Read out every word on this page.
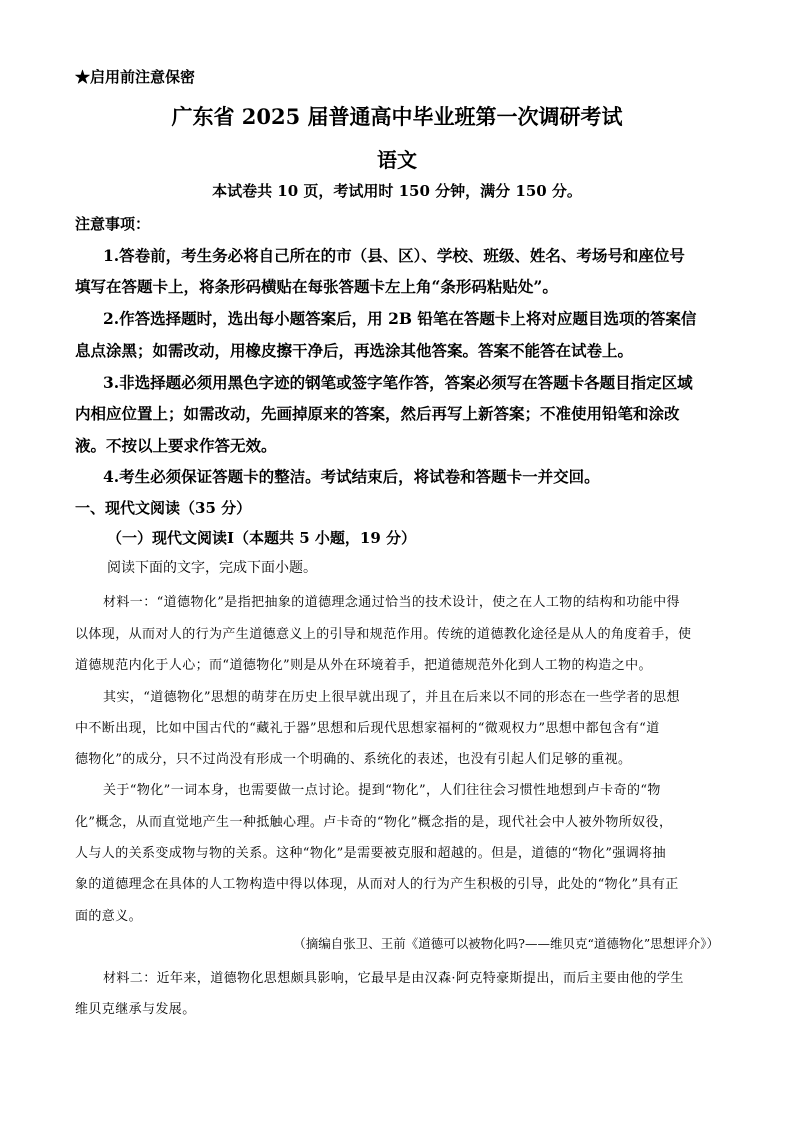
★启用前注意保密
广东省 2025 届普通高中毕业班第一次调研考试
语文
本试卷共 10 页，考试用时 150 分钟，满分 150 分。
注意事项：
1.答卷前，考生务必将自己所在的市（县、区）、学校、班级、姓名、考场号和座位号
填写在答题卡上，将条形码横贴在每张答题卡左上角“条形码粘贴处”。
2.作答选择题时，选出每小题答案后，用 2B 铅笔在答题卡上将对应题目选项的答案信
息点涂黑；如需改动，用橡皮擦干净后，再选涂其他答案。答案不能答在试卷上。
3.非选择题必须用黑色字迹的钢笔或签字笔作答，答案必须写在答题卡各题目指定区域
内相应位置上；如需改动，先画掉原来的答案，然后再写上新答案；不准使用铅笔和涂改
液。不按以上要求作答无效。
4.考生必须保证答题卡的整洁。考试结束后，将试卷和答题卡一并交回。
一、现代文阅读（35 分）
（一）现代文阅读Ⅰ（本题共 5 小题，19 分）
阅读下面的文字，完成下面小题。
材料一：“道德物化”是指把抽象的道德理念通过恰当的技术设计，使之在人工物的结构和功能中得
以体现，从而对人的行为产生道德意义上的引导和规范作用。传统的道德教化途径是从人的角度着手，使
道德规范内化于人心；而“道德物化”则是从外在环境着手，把道德规范外化到人工物的构造之中。
其实，“道德物化”思想的萌芽在历史上很早就出现了，并且在后来以不同的形态在一些学者的思想
中不断出现，比如中国古代的“藏礼于器”思想和后现代思想家福柯的“微观权力”思想中都包含有“道
德物化”的成分，只不过尚没有形成一个明确的、系统化的表述，也没有引起人们足够的重视。
关于“物化”一词本身，也需要做一点讨论。提到“物化”，人们往往会习惯性地想到卢卡奇的“物
化”概念，从而直觉地产生一种抵触心理。卢卡奇的“物化”概念指的是，现代社会中人被外物所奴役，
人与人的关系变成物与物的关系。这种“物化”是需要被克服和超越的。但是，道德的“物化”强调将抽
象的道德理念在具体的人工物构造中得以体现，从而对人的行为产生积极的引导，此处的“物化”具有正
面的意义。
（摘编自张卫、王前《道德可以被物化吗?——维贝克“道德物化”思想评介》）
材料二：近年来，道德物化思想颇具影响，它最早是由汉森·阿克特豪斯提出，而后主要由他的学生
维贝克继承与发展。
